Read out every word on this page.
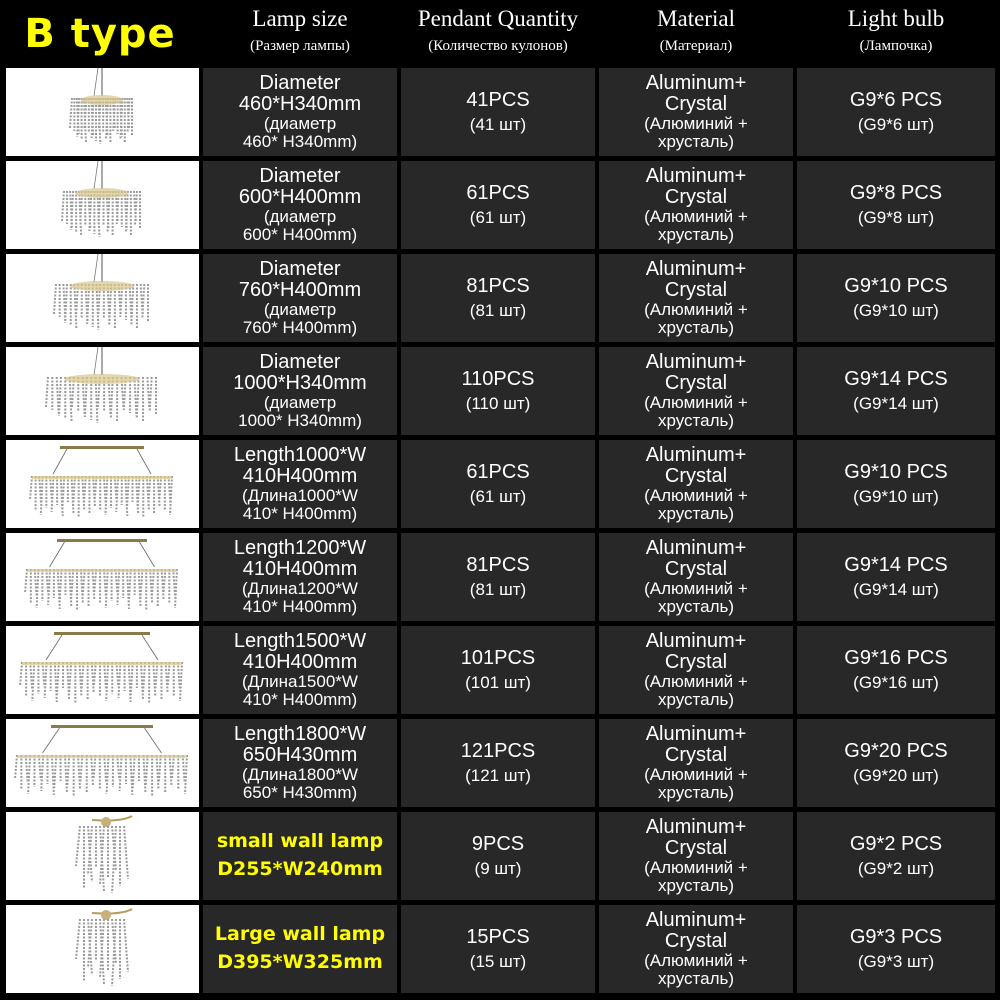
B type	Lamp size
(Размер лампы)
Pendant Quantity
(Количество кулонов)
Material
(Материал)
Light bulb
(Лампочка)
Diameter
460*H340mm
(диаметр
460* H340mm)
41PCS
(41 шт)
Aluminum+
Crystal
(Алюминий +
хрусталь)
G9*6 PCS
(G9*6 шт)
Diameter
600*H400mm
(диаметр
600* H400mm)
61PCS
(61 шт)
Aluminum+
Crystal
(Алюминий +
хрусталь)
G9*8 PCS
(G9*8 шт)
Diameter
760*H400mm
(диаметр
760* H400mm)
81PCS
(81 шт)
Aluminum+
Crystal
(Алюминий +
хрусталь)
G9*10 PCS
(G9*10 шт)
Diameter
1000*H340mm
(диаметр
1000* H340mm)
110PCS
(110 шт)
Aluminum+
Crystal
(Алюминий +
хрусталь)
G9*14 PCS
(G9*14 шт)
Length1000*W
410H400mm
(Длина1000*W
410* H400mm)
61PCS
(61 шт)
Aluminum+
Crystal
(Алюминий +
хрусталь)
G9*10 PCS
(G9*10 шт)
Length1200*W
410H400mm
(Длина1200*W
410* H400mm)
81PCS
(81 шт)
Aluminum+
Crystal
(Алюминий +
хрусталь)
G9*14 PCS
(G9*14 шт)
Length1500*W
410H400mm
(Длина1500*W
410* H400mm)
101PCS
(101 шт)
Aluminum+
Crystal
(Алюминий +
хрусталь)
G9*16 PCS
(G9*16 шт)
Length1800*W
650H430mm
(Длина1800*W
650* H430mm)
121PCS
(121 шт)
Aluminum+
Crystal
(Алюминий +
хрусталь)
G9*20 PCS
(G9*20 шт)
small wall lamp
D255*W240mm
9PCS
(9 шт)
Aluminum+
Crystal
(Алюминий +
хрусталь)
G9*2 PCS
(G9*2 шт)
Large wall lamp
D395*W325mm
15PCS
(15 шт)
Aluminum+
Crystal
(Алюминий +
хрусталь)
G9*3 PCS
(G9*3 шт)
